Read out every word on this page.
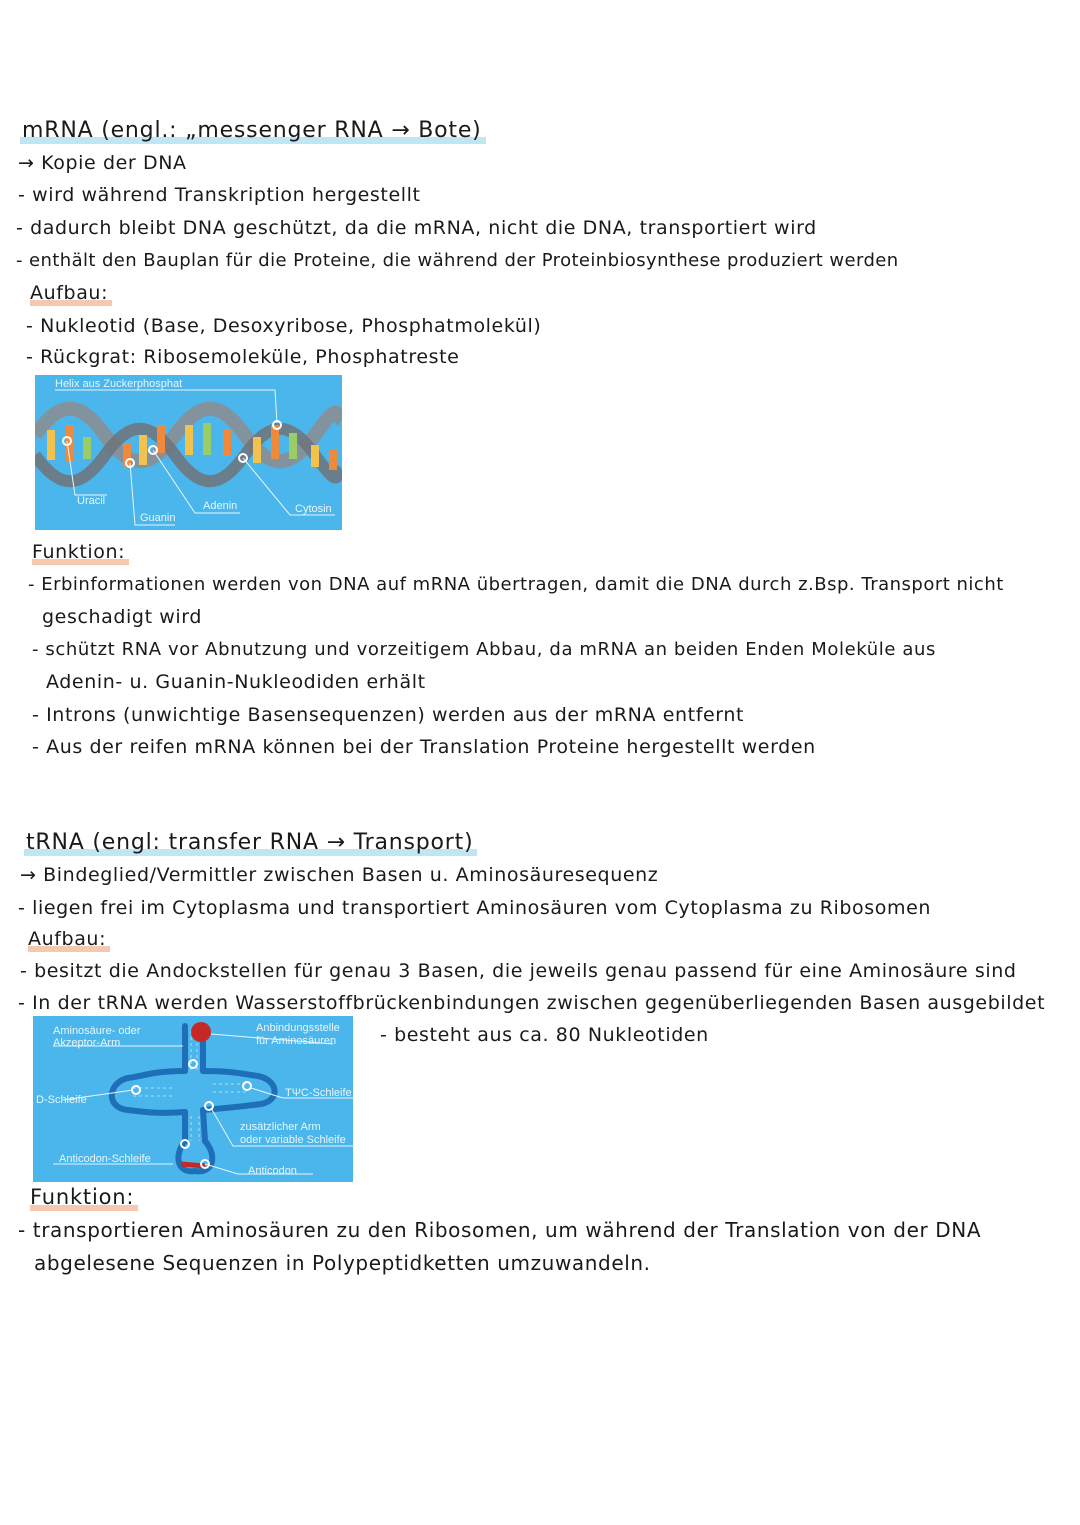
mRNA (engl.: „messenger RNA → Bote)
→ Kopie der DNA
- wird während Transkription hergestellt
- dadurch bleibt DNA geschützt, da die mRNA, nicht die DNA, transportiert wird
- enthält den Bauplan für die Proteine, die während der Proteinbiosynthese produziert werden
Aufbau:
- Nukleotid (Base, Desoxyribose, Phosphatmolekül)
- Rückgrat: Ribosemoleküle, Phosphatreste
Helix aus Zuckerphosphat
Uracil
Guanin
Adenin	Cytosin
Funktion:
- Erbinformationen werden von DNA auf mRNA übertragen, damit die DNA durch z.Bsp. Transport nicht
geschadigt wird
- schützt RNA vor Abnutzung und vorzeitigem Abbau, da mRNA an beiden Enden Moleküle aus
Adenin- u. Guanin-Nukleodiden erhält
- Introns (unwichtige Basensequenzen) werden aus der mRNA entfernt
- Aus der reifen mRNA können bei der Translation Proteine hergestellt werden
tRNA (engl: transfer RNA → Transport)
→ Bindeglied/Vermittler zwischen Basen u. Aminosäuresequenz
- liegen frei im Cytoplasma und transportiert Aminosäuren vom Cytoplasma zu Ribosomen
Aufbau:
- besitzt die Andockstellen für genau 3 Basen, die jeweils genau passend für eine Aminosäure sind
- In der tRNA werden Wasserstoffbrückenbindungen zwischen gegenüberliegenden Basen ausgebildet
- besteht aus ca. 80 Nukleotiden
Aminosäure- oder
Akzeptor-Arm
Anbindungsstelle
für Aminosäuren
D-Schleife
TΨC-Schleife
zusätzlicher Arm
oder variable Schleife
Anticodon-Schleife
Anticodon
Funktion:
- transportieren Aminosäuren zu den Ribosomen, um während der Translation von der DNA
abgelesene Sequenzen in Polypeptidketten umzuwandeln.
